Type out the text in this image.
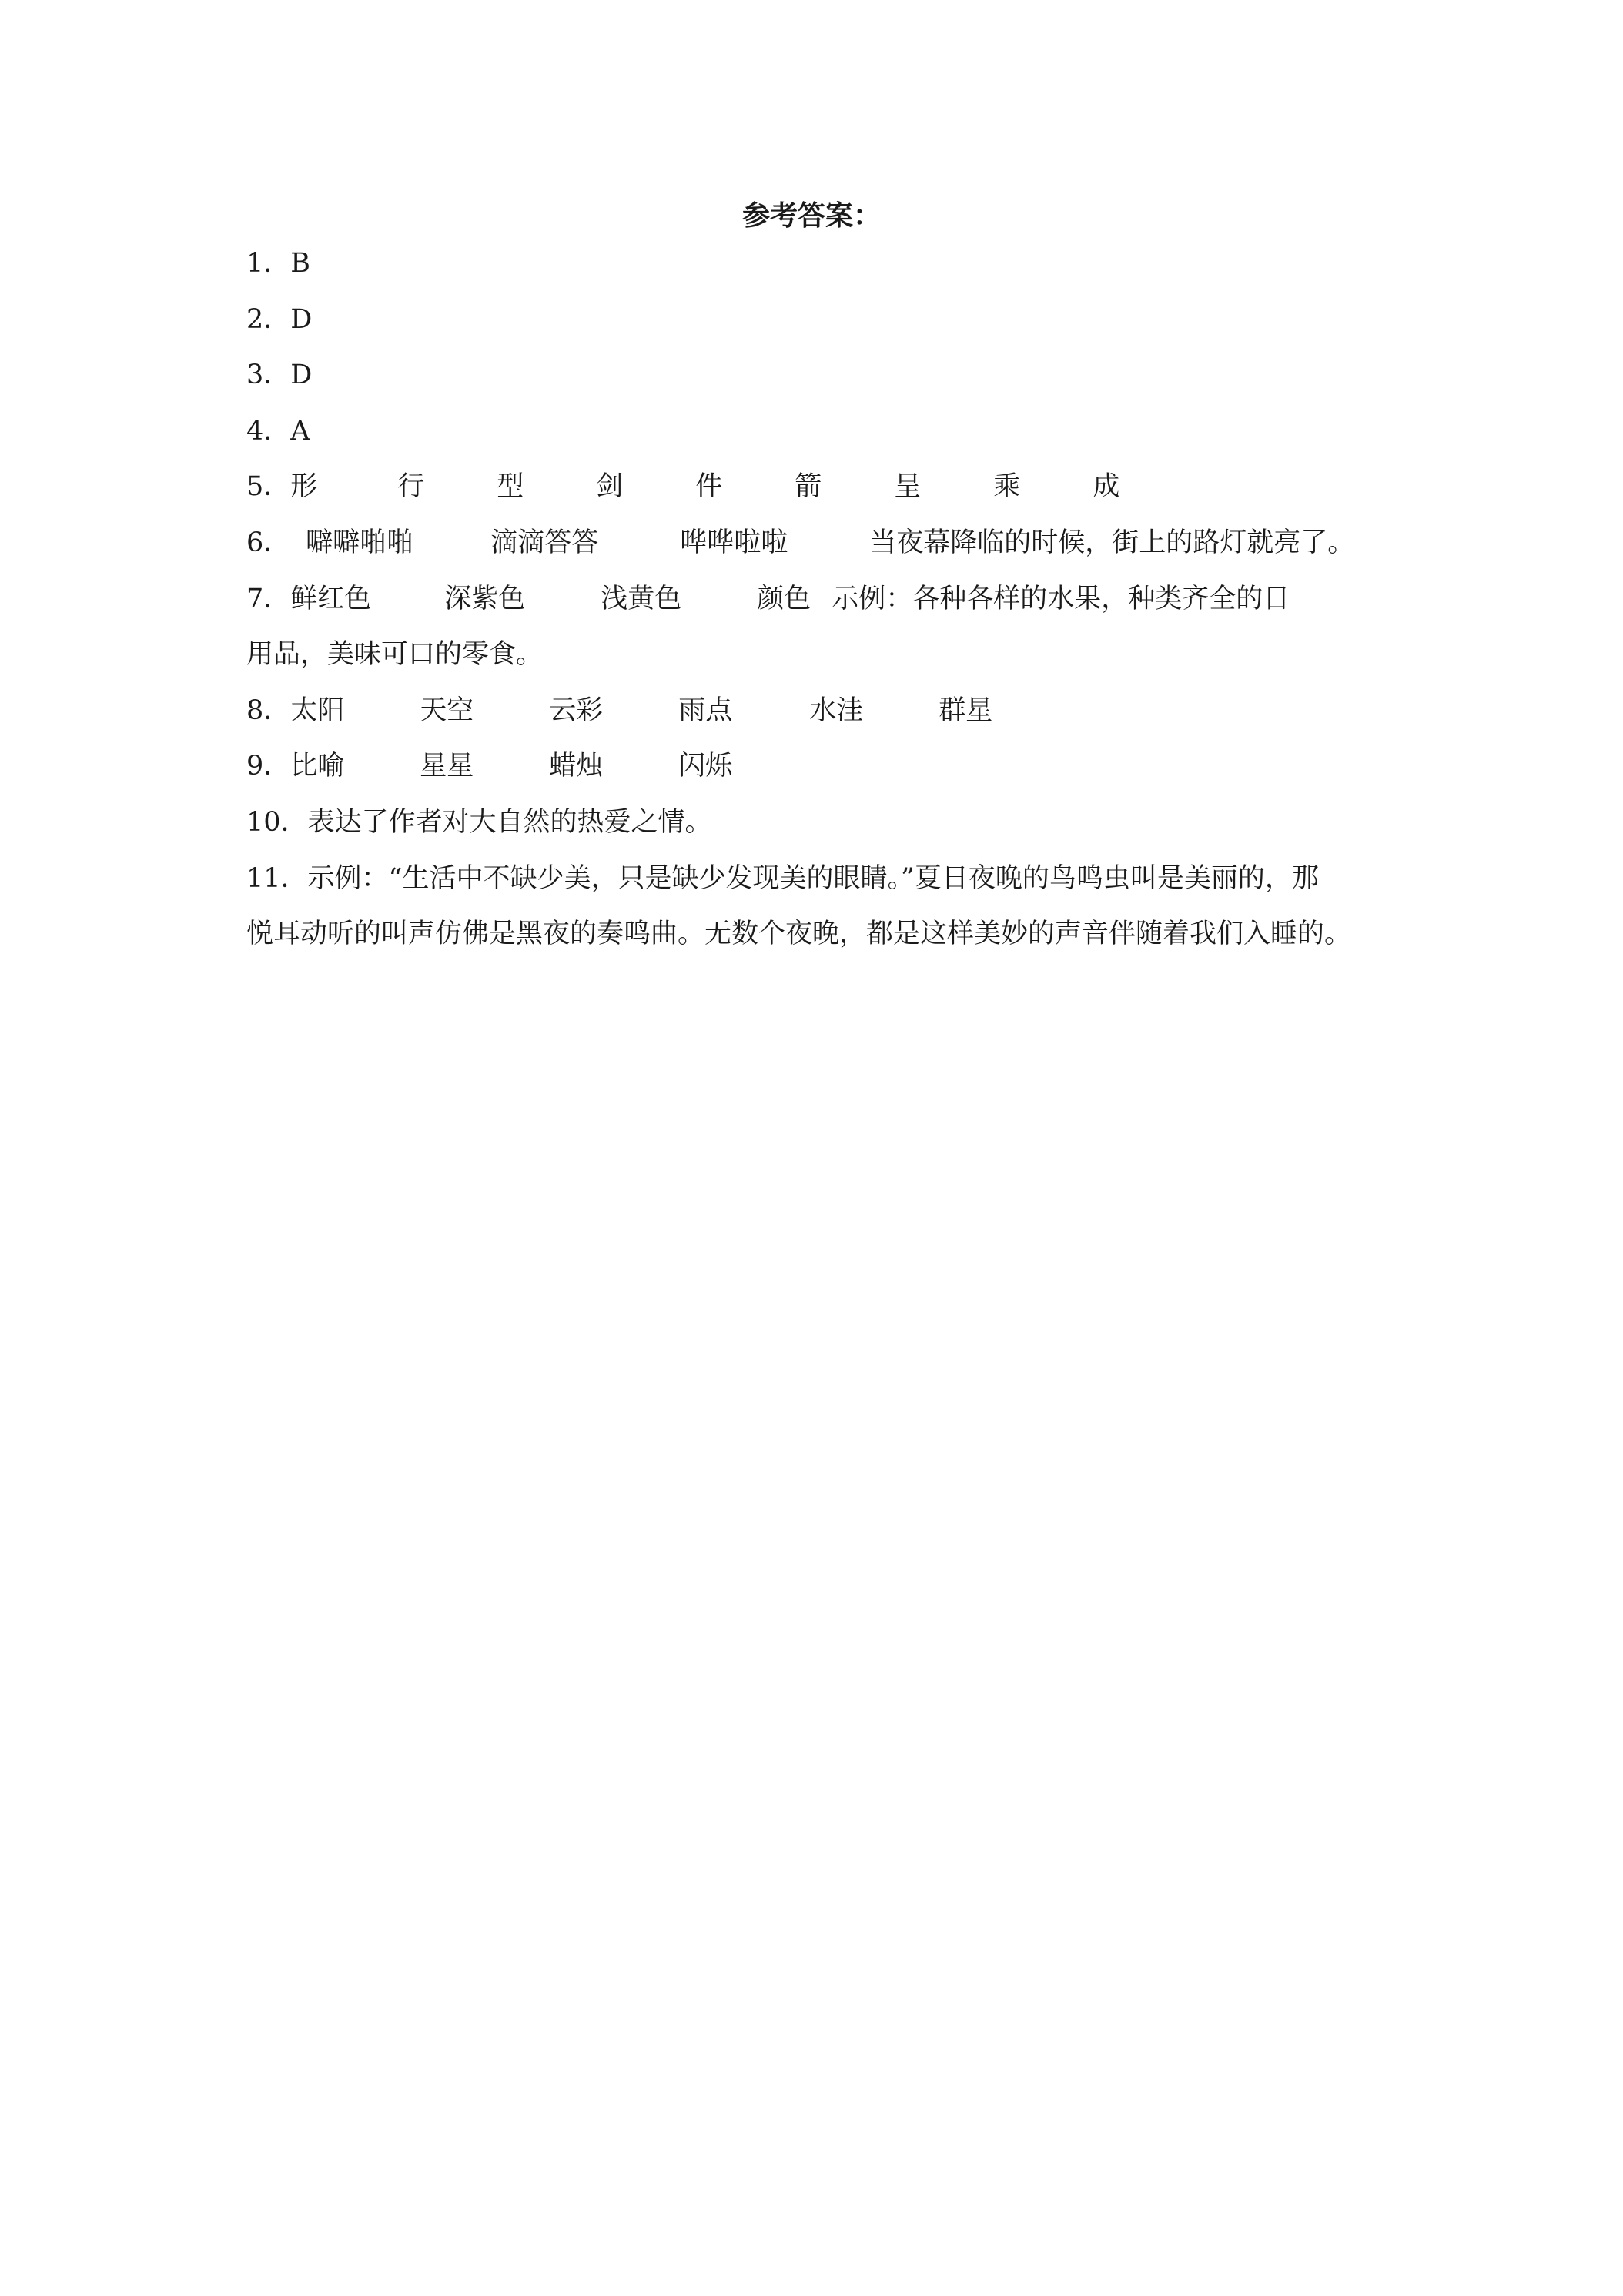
参考答案：
1．B
2．D
3．D
4．A
5．形	行	型	剑	件	箭	呈	乘	成
6． 噼噼啪啪	滴滴答答	哗哗啦啦	当夜幕降临的时候，街上的路灯就亮了。
7．鲜红色	深紫色	浅黄色	颜色 示例：各种各样的水果，种类齐全的日
用品，美味可口的零食。
8．太阳	天空	云彩	雨点	水洼	群星
9．比喻	星星	蜡烛	闪烁
10．表达了作者对大自然的热爱之情。
11．示例：“生活中不缺少美，只是缺少发现美的眼睛。”夏日夜晚的鸟鸣虫叫是美丽的，那
悦耳动听的叫声仿佛是黑夜的奏鸣曲。无数个夜晚，都是这样美妙的声音伴随着我们入睡的。
